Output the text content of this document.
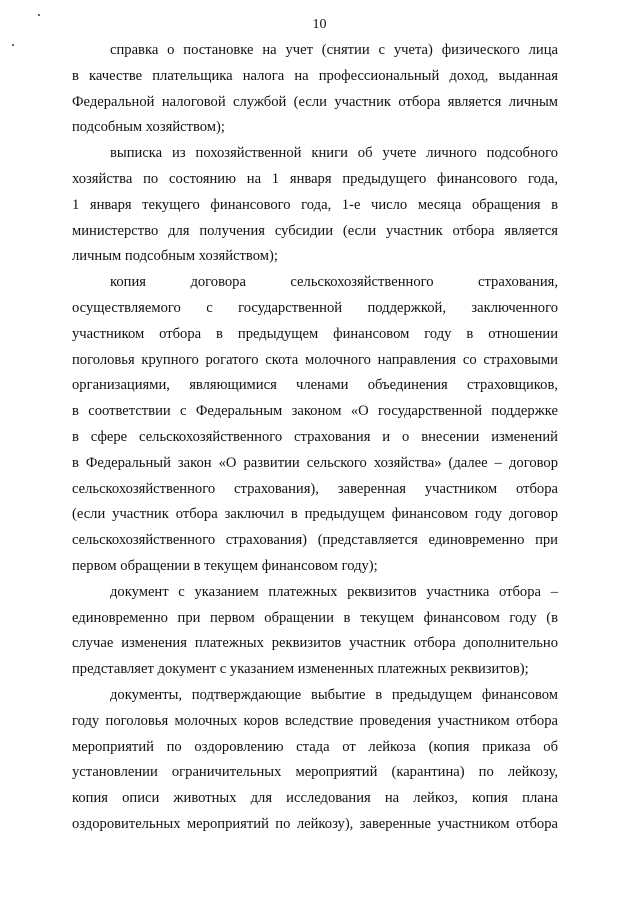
10

справка о постановке на учет (снятии с учета) физического лица
в качестве плательщика налога на профессиональный доход, выданная
Федеральной налоговой службой (если участник отбора является личным
подсобным хозяйством);

выписка из похозяйственной книги об учете личного подсобного
хозяйства по состоянию на 1 января предыдущего финансового года,
1 января текущего финансового года, 1-е число месяца обращения в
министерство для получения субсидии (если участник отбора является
личным подсобным хозяйством);

копия договора сельскохозяйственного страхования,
осуществляемого с государственной поддержкой, заключенного
участником отбора в предыдущем финансовом году в отношении
поголовья крупного рогатого скота молочного направления со страховыми
организациями, являющимися членами объединения страховщиков,
в соответствии с Федеральным законом «О государственной поддержке
в сфере сельскохозяйственного страхования и о внесении изменений
в Федеральный закон «О развитии сельского хозяйства» (далее – договор
сельскохозяйственного страхования), заверенная участником отбора
(если участник отбора заключил в предыдущем финансовом году договор
сельскохозяйственного страхования) (представляется единовременно при
первом обращении в текущем финансовом году);

документ с указанием платежных реквизитов участника отбора –
единовременно при первом обращении в текущем финансовом году (в
случае изменения платежных реквизитов участник отбора дополнительно
представляет документ с указанием измененных платежных реквизитов);

документы, подтверждающие выбытие в предыдущем финансовом
году поголовья молочных коров вследствие проведения участником отбора
мероприятий по оздоровлению стада от лейкоза (копия приказа об
установлении ограничительных мероприятий (карантина) по лейкозу,
копия описи животных для исследования на лейкоз, копия плана
оздоровительных мероприятий по лейкозу), заверенные участником отбора
